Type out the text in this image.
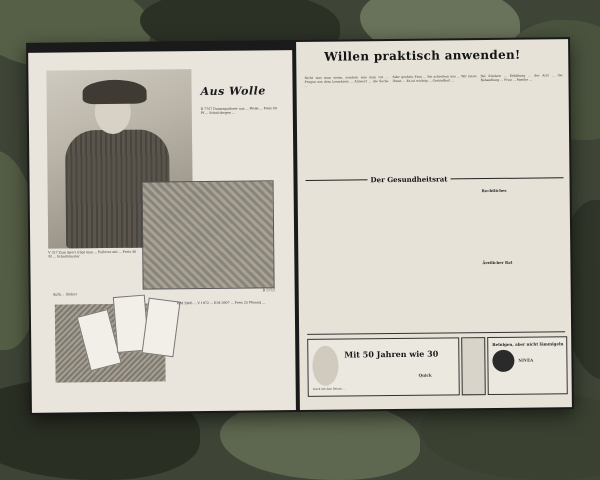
Aus Wolle
B 7757 Damenpullover aus ... Wolle ... Preis 40 Pf ... Schnittbogen ...
V 317 Zum Sport trägt man ... Pullover mit ... Preis 40 Pf ... Schnittmuster
B 5715
Aufn. : Sieber
K-M 5906 ... V 1972 ... K-M 5907 ... Preis 25 Pfennig ...
Willen praktisch anwenden!
Nicht was man weiss, sondern was man tut ... Fragen aus dem Leserkreis ... Antwort ... die Sache ...
Sehr geehrte Frau ... Sie schreiben uns ... Wir raten Ihnen ... Es ist wichtig ... Gesundheit ...
Bei Kindern ... Erkältung ... der Arzt ... die Behandlung ... Frau ... Familie ...
Der Gesundheitsrat
Rechtliches
Ärztlicher Rat
Mit 50 Jahren wie 30
Quick
Quick mit dem Reinen ...
Reinigen, aber nicht lämmigeln
NIVEA
